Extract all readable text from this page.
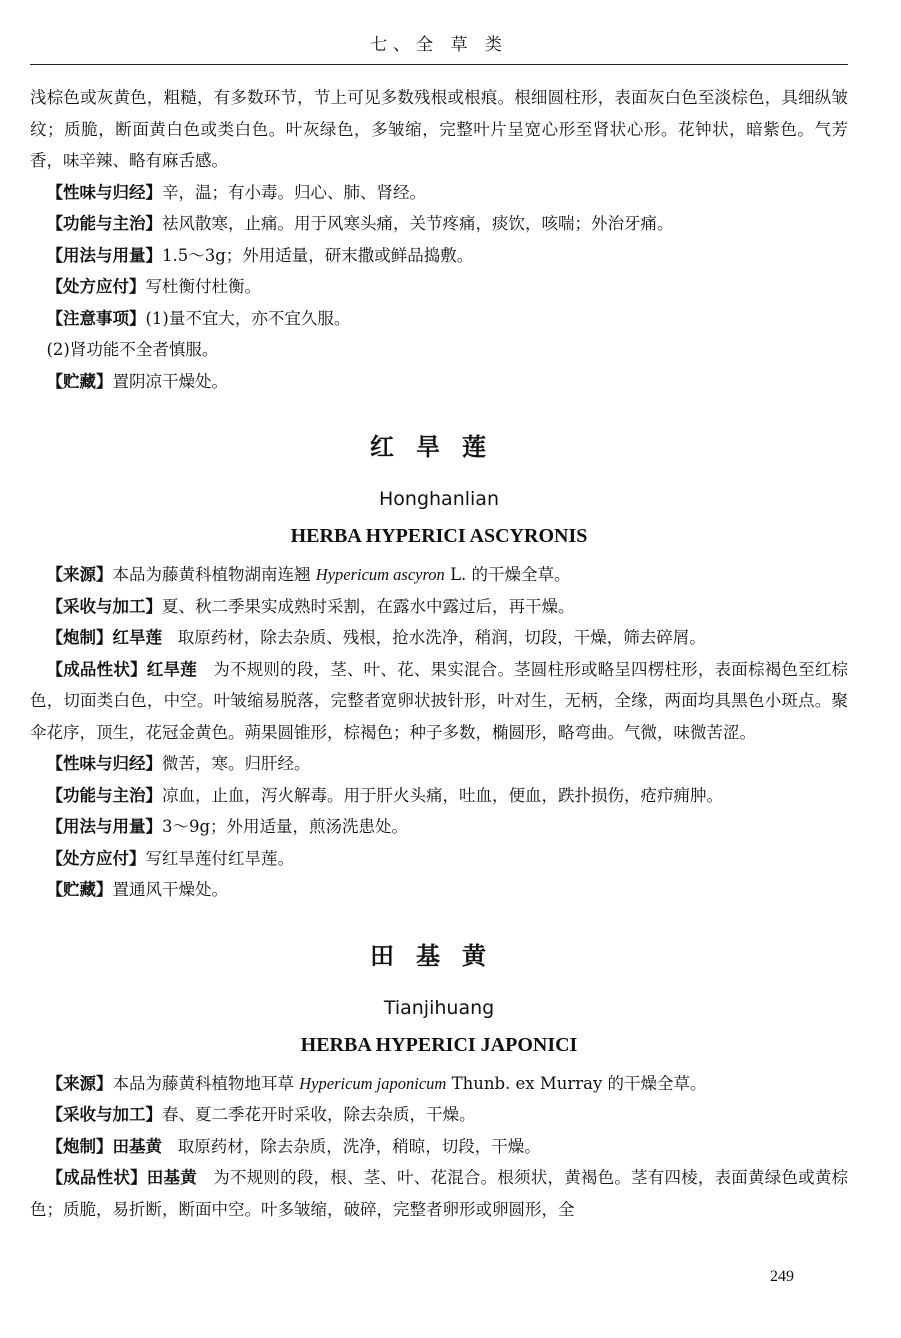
七、全 草 类

浅棕色或灰黄色，粗糙，有多数环节，节上可见多数残根或根痕。根细圆柱形，表面灰白色至淡棕色，具细纵皱纹；质脆，断面黄白色或类白色。叶灰绿色，多皱缩，完整叶片呈宽心形至肾状心形。花钟状，暗紫色。气芳香，味辛辣、略有麻舌感。

【性味与归经】辛，温；有小毒。归心、肺、肾经。

【功能与主治】祛风散寒，止痛。用于风寒头痛，关节疼痛，痰饮，咳喘；外治牙痛。

【用法与用量】1.5～3g；外用适量，研末撒或鲜品捣敷。

【处方应付】写杜衡付杜衡。

【注意事项】(1)量不宜大，亦不宜久服。

(2)肾功能不全者慎服。

【贮藏】置阴凉干燥处。

红旱莲
Honghanlian
HERBA HYPERICI ASCYRONIS

【来源】本品为藤黄科植物湖南连翘 Hypericum ascyron L. 的干燥全草。

【采收与加工】夏、秋二季果实成熟时采割，在露水中露过后，再干燥。

【炮制】红旱莲 取原药材，除去杂质、残根，抢水洗净，稍润，切段，干燥，筛去碎屑。

【成品性状】红旱莲 为不规则的段，茎、叶、花、果实混合。茎圆柱形或略呈四楞柱形，表面棕褐色至红棕色，切面类白色，中空。叶皱缩易脱落，完整者宽卵状披针形，叶对生，无柄，全缘，两面均具黑色小斑点。聚伞花序，顶生，花冠金黄色。蒴果圆锥形，棕褐色；种子多数，椭圆形，略弯曲。气微，味微苦涩。

【性味与归经】微苦，寒。归肝经。

【功能与主治】凉血，止血，泻火解毒。用于肝火头痛，吐血，便血，跌扑损伤，疮疖痈肿。

【用法与用量】3～9g；外用适量，煎汤洗患处。

【处方应付】写红旱莲付红旱莲。

【贮藏】置通风干燥处。

田基黄
Tianjihuang
HERBA HYPERICI JAPONICI

【来源】本品为藤黄科植物地耳草 Hypericum japonicum Thunb. ex Murray 的干燥全草。

【采收与加工】春、夏二季花开时采收，除去杂质，干燥。

【炮制】田基黄 取原药材，除去杂质，洗净，稍晾，切段，干燥。

【成品性状】田基黄 为不规则的段，根、茎、叶、花混合。根须状，黄褐色。茎有四棱，表面黄绿色或黄棕色；质脆，易折断，断面中空。叶多皱缩，破碎，完整者卵形或卵圆形，全

249
